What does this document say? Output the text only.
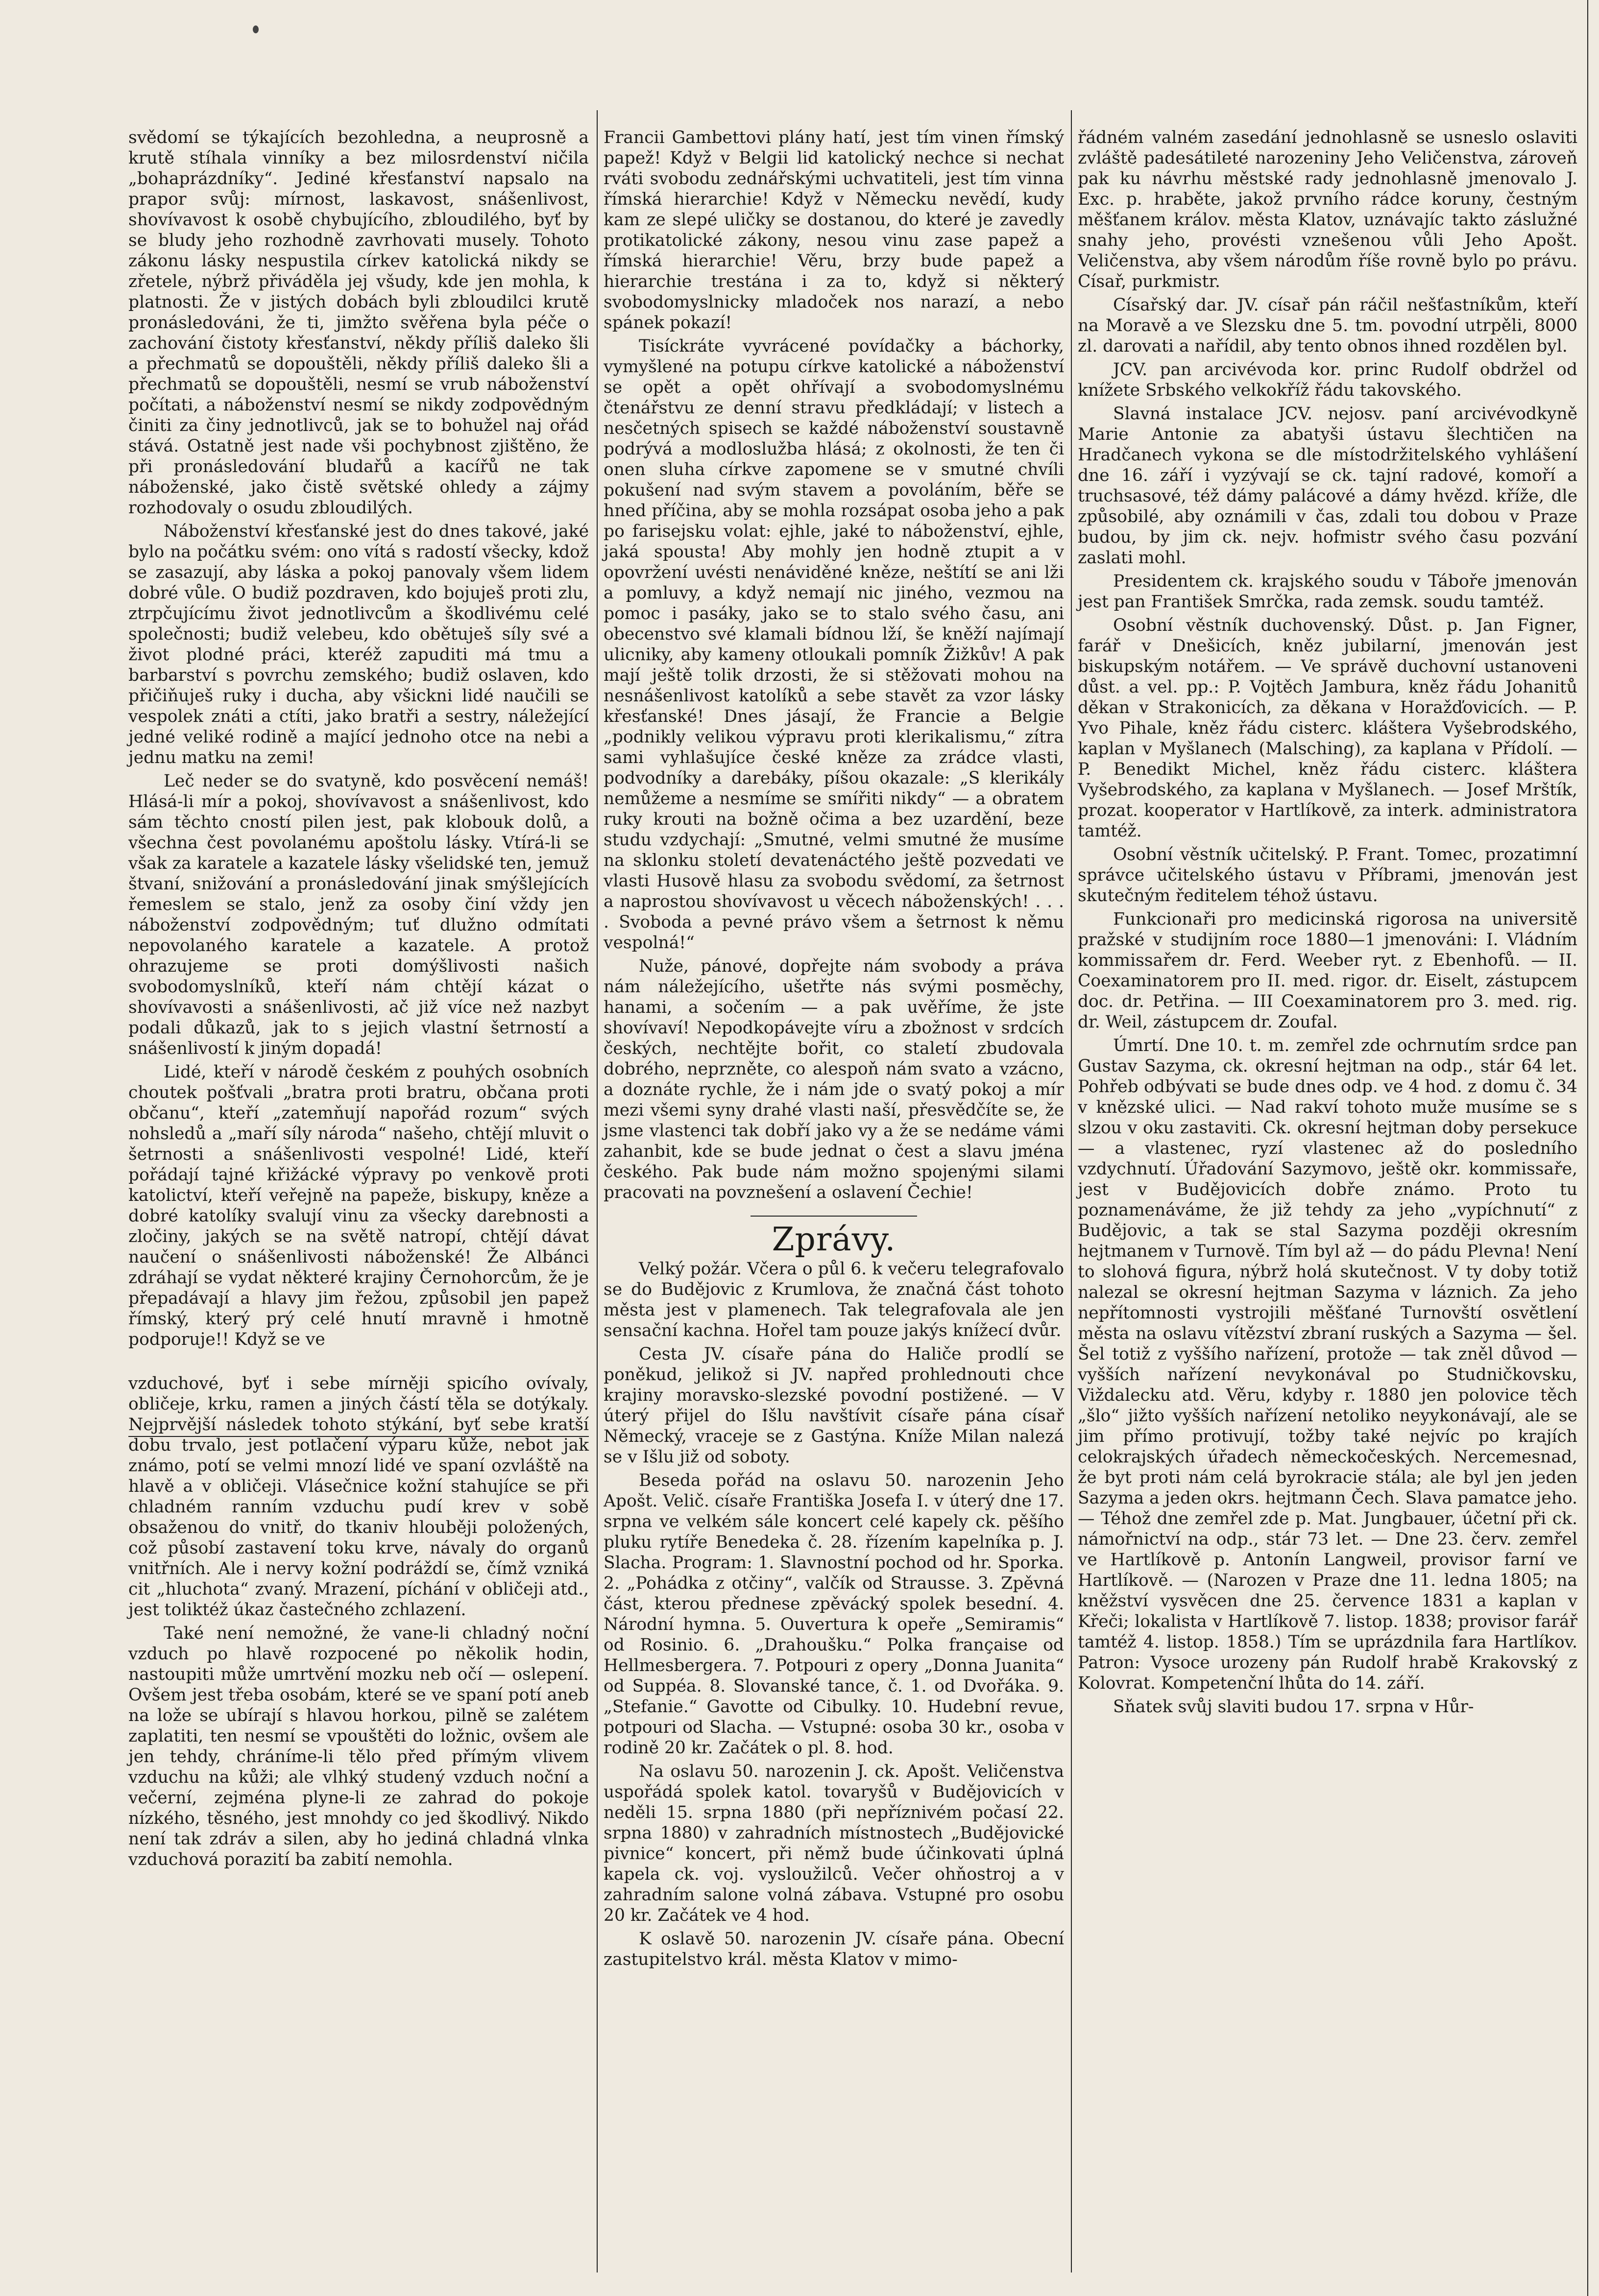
svědomí se týkajících bezohledna, a neuprosně a krutě stíhala vinníky a bez milosrdenství ničila „bohaprázdníky“. Jediné křesťanství napsalo na prapor svůj: mírnost, laskavost, snášenlivost, shovívavost k osobě chybujícího, zbloudilého, byť by se bludy jeho rozhodně zavrhovati musely. Tohoto zákonu lásky nespustila církev katolická nikdy se zřetele, nýbrž přiváděla jej všudy, kde jen mohla, k platnosti. Že v jistých dobách byli zbloudilci krutě pronásledováni, že ti, jimžto svěřena byla péče o zachování čistoty křesťanství, někdy příliš daleko šli a přechmatů se dopouštěli, někdy příliš daleko šli a přechmatů se dopouštěli, nesmí se vrub náboženství počítati, a náboženství nesmí se nikdy zodpovědným činiti za činy jednotlivců, jak se to bohužel naj ořád stává. Ostatně jest nade vši pochybnost zjištěno, že při pronásledování bludařů a kacířů ne tak náboženské, jako čistě světské ohledy a zájmy rozhodovaly o osudu zbloudilých.

Náboženství křesťanské jest do dnes takové, jaké bylo na počátku svém: ono vítá s radostí všecky, kdož se zasazují, aby láska a pokoj panovaly všem lidem dobré vůle. O budiž pozdraven, kdo bojuješ proti zlu, ztrpčujícímu život jednotlivcům a škodlivému celé společnosti; budiž velebeu, kdo obětuješ síly své a život plodné práci, kteréž zapuditi má tmu a barbarství s povrchu zemského; budiž oslaven, kdo přičiňuješ ruky i ducha, aby všickni lidé naučili se vespolek znáti a ctíti, jako bratři a sestry, náležející jedné veliké rodině a mající jednoho otce na nebi a jednu matku na zemi!

Leč neder se do svatyně, kdo posvěcení nemáš! Hlásá-li mír a pokoj, shovívavost a snášenlivost, kdo sám těchto cností pilen jest, pak klobouk dolů, a všechna čest povolanému apoštolu lásky. Vtírá-li se však za karatele a kazatele lásky všelidské ten, jemuž štvaní, snižování a pronásledování jinak smýšlejících řemeslem se stalo, jenž za osoby činí vždy jen náboženství zodpovědným; tuť dlužno odmítati nepovolaného karatele a kazatele. A protož ohrazujeme se proti domýšlivosti našich svobodomyslníků, kteří nám chtějí kázat o shovívavosti a snášenlivosti, ač již více než nazbyt podali důkazů, jak to s jejich vlastní šetrností a snášenlivostí k jiným dopadá!

Lidé, kteří v národě českém z pouhých osobních choutek pošťvali „bratra proti bratru, občana proti občanu“, kteří „zatemňují napořád rozum“ svých nohsledů a „maří síly národa“ našeho, chtějí mluvit o šetrnosti a snášenlivosti vespolné! Lidé, kteří pořádají tajné křižácké výpravy po venkově proti katolictví, kteří veřejně na papeže, biskupy, kněze a dobré katolíky svalují vinu za všecky darebnosti a zločiny, jakých se na světě natropí, chtějí dávat naučení o snášenlivosti náboženské! Že Albánci zdráhají se vydat některé krajiny Černohorcům, že je přepadávají a hlavy jim řežou, způsobil jen papež římský, který prý celé hnutí mravně i hmotně podporuje!! Když se ve

vzduchové, byť i sebe mírněji spicího ovívaly, obličeje, krku, ramen a jiných částí těla se dotýkaly. Nejprvější následek tohoto stýkání, byť sebe kratší dobu trvalo, jest potlačení výparu kůže, nebot jak známo, potí se velmi mnozí lidé ve spaní ozvláště na hlavě a v obličeji. Vlásečnice kožní stahujíce se při chladném ranním vzduchu pudí krev v sobě obsaženou do vnitř, do tkaniv hlouběji položených, což působí zastavení toku krve, návaly do organů vnitřních. Ale i nervy kožní podráždí se, čímž vzniká cit „hluchota“ zvaný. Mrazení, píchání v obličeji atd., jest toliktéž úkaz častečného zchlazení.

Také není nemožné, že vane-li chladný noční vzduch po hlavě rozpocené po několik hodin, nastoupiti může umrtvění mozku neb očí — oslepení. Ovšem jest třeba osobám, které se ve spaní potí aneb na lože se ubírají s hlavou horkou, pilně se zalétem zaplatiti, ten nesmí se vpouštěti do ložnic, ovšem ale jen tehdy, chráníme-li tělo před přímým vlivem vzduchu na kůži; ale vlhký studený vzduch noční a večerní, zejména plyne-li ze zahrad do pokoje nízkého, těsného, jest mnohdy co jed škodlivý. Nikdo není tak zdráv a silen, aby ho jediná chladná vlnka vzduchová porazití ba zabití nemohla.

Francii Gambettovi plány hatí, jest tím vinen římský papež! Když v Belgii lid katolický nechce si nechat rváti svobodu zednářskými uchvatiteli, jest tím vinna římská hierarchie! Když v Německu nevědí, kudy kam ze slepé uličky se dostanou, do které je zavedly protikatolické zákony, nesou vinu zase papež a římská hierarchie! Věru, brzy bude papež a hierarchie trestána i za to, když si některý svobodomyslnicky mladoček nos narazí, a nebo spánek pokazí!

Tisíckráte vyvrácené povídačky a báchorky, vymyšlené na potupu církve katolické a náboženství se opět a opět ohřívají a svobodomyslnému čtenářstvu ze denní stravu předkládají; v listech a nesčetných spisech se každé náboženství soustavně podrývá a modloslužba hlásá; z okolnosti, že ten či onen sluha církve zapomene se v smutné chvíli pokušení nad svým stavem a povoláním, běře se hned příčina, aby se mohla rozsápat osoba jeho a pak po farisejsku volat: ejhle, jaké to náboženství, ejhle, jaká spousta! Aby mohly jen hodně ztupit a v opovržení uvésti nenáviděné kněze, neštítí se ani lži a pomluvy, a když nemají nic jiného, vezmou na pomoc i pasáky, jako se to stalo svého času, ani obecenstvo své klamali bídnou lží, še kněží najímají ulicniky, aby kameny otloukali pomník Žižkův! A pak mají ještě tolik drzosti, že si stěžovati mohou na nesnášenlivost katolíků a sebe stavět za vzor lásky křesťanské! Dnes jásají, že Francie a Belgie „podnikly velikou výpravu proti klerikalismu,“ zítra sami vyhlašujíce české kněze za zrádce vlasti, podvodníky a darebáky, píšou okazale: „S klerikály nemůžeme a nesmíme se smířiti nikdy“ — a obratem ruky krouti na božně očima a bez uzardění, beze studu vzdychají: „Smutné, velmi smutné že musíme na sklonku století devatenáctého ještě pozvedati ve vlasti Husově hlasu za svobodu svědomí, za šetrnost a naprostou shovívavost u věcech náboženských! . . . . Svoboda a pevné právo všem a šetrnost k němu vespolná!“

Nuže, pánové, dopřejte nám svobody a práva nám náležejícího, ušetřte nás svými posměchy, hanami, a sočením — a pak uvěříme, že jste shovívaví! Nepodkopávejte víru a zbožnost v srdcích českých, nechtějte bořit, co staletí zbudovala dobrého, neprzněte, co alespoň nám svato a vzácno, a doznáte rychle, že i nám jde o svatý pokoj a mír mezi všemi syny drahé vlasti naší, přesvědčíte se, že jsme vlastenci tak dobří jako vy a že se nedáme vámi zahanbit, kde se bude jednat o čest a slavu jména českého. Pak bude nám možno spojenými silami pracovati na povznešení a oslavení Čechie!

Zprávy.

Velký požár. Včera o půl 6. k večeru telegrafovalo se do Budějovic z Krumlova, že značná část tohoto města jest v plamenech. Tak telegrafovala ale jen sensační kachna. Hořel tam pouze jakýs knížecí dvůr.

Cesta JV. císaře pána do Haliče prodlí se poněkud, jelikož si JV. napřed prohlednouti chce krajiny moravsko-slezské povodní postižené. — V úterý přijel do Išlu navštívit císaře pána císař Německý, vraceje se z Gastýna. Kníže Milan nalezá se v Išlu již od soboty.

Beseda pořád na oslavu 50. narozenin Jeho Apošt. Velič. císaře Františka Josefa I. v úterý dne 17. srpna ve velkém sále koncert celé kapely ck. pěšího pluku rytíře Benedeka č. 28. řízením kapelníka p. J. Slacha. Program: 1. Slavnostní pochod od hr. Sporka. 2. „Pohádka z otčiny“, valčík od Strausse. 3. Zpěvná část, kterou přednese zpěvácký spolek besední. 4. Národní hymna. 5. Ouvertura k opeře „Semiramis“ od Rosinio. 6. „Drahoušku.“ Polka française od Hellmesbergera. 7. Potpouri z opery „Donna Juanita“ od Suppéa. 8. Slovanské tance, č. 1. od Dvořáka. 9. „Stefanie.“ Gavotte od Cibulky. 10. Hudební revue, potpouri od Slacha. — Vstupné: osoba 30 kr., osoba v rodině 20 kr. Začátek o pl. 8. hod.

Na oslavu 50. narozenin J. ck. Apošt. Veličenstva uspořádá spolek katol. tovaryšů v Budějovicích v neděli 15. srpna 1880 (při nepříznivém počasí 22. srpna 1880) v zahradních místnostech „Budějovické pivnice“ koncert, při němž bude účinkovati úplná kapela ck. voj. vysloužilců. Večer ohňostroj a v zahradním salone volná zábava. Vstupné pro osobu 20 kr. Začátek ve 4 hod.

K oslavě 50. narozenin JV. císaře pána. Obecní zastupitelstvo král. města Klatov v mimo-

řádném valném zasedání jednohlasně se usneslo oslaviti zvláště padesátileté narozeniny Jeho Veličenstva, zároveň pak ku návrhu městské rady jednohlasně jmenovalo J. Exc. p. hraběte, jakož prvního rádce koruny, čestným měšťanem králov. města Klatov, uznávajíc takto záslužné snahy jeho, provésti vznešenou vůli Jeho Apošt. Veličenstva, aby všem národům říše rovně bylo po právu. Císař, purkmistr.

Císařský dar. JV. císař pán ráčil nešťastníkům, kteří na Moravě a ve Slezsku dne 5. tm. povodní utrpěli, 8000 zl. darovati a nařídil, aby tento obnos ihned rozdělen byl.

JCV. pan arcivévoda kor. princ Rudolf obdržel od knížete Srbského velkokříž řádu takovského.

Slavná instalace JCV. nejosv. paní arcivévodkyně Marie Antonie za abatyši ústavu šlechtičen na Hradčanech vykona se dle místodržitelského vyhlášení dne 16. září i vyzývají se ck. tajní radové, komoří a truchsasové, též dámy palácové a dámy hvězd. kříže, dle způsobilé, aby oznámili v čas, zdali tou dobou v Praze budou, by jim ck. nejv. hofmistr svého času pozvání zaslati mohl.

Presidentem ck. krajského soudu v Táboře jmenován jest pan František Smrčka, rada zemsk. soudu tamtéž.

Osobní věstník duchovenský. Důst. p. Jan Figner, farář v Dnešicích, kněz jubilarní, jmenován jest biskupským notářem. — Ve správě duchovní ustanoveni důst. a vel. pp.: P. Vojtěch Jambura, kněz řádu Johanitů děkan v Strakonicích, za děkana v Horažďovicích. — P. Yvo Pihale, kněz řádu cisterc. kláštera Vyšebrodského, kaplan v Myšlanech (Malsching), za kaplana v Přídolí. — P. Benedikt Michel, kněz řádu cisterc. kláštera Vyšebrodského, za kaplana v Myšlanech. — Josef Mrštík, prozat. kooperator v Hartlíkově, za interk. administratora tamtéž.

Osobní věstník učitelský. P. Frant. Tomec, prozatimní správce učitelského ústavu v Příbrami, jmenován jest skutečným ředitelem téhož ústavu.

Funkcionaři pro medicinská rigorosa na universitě pražské v studijním roce 1880—1 jmenováni: I. Vládním kommissařem dr. Ferd. Weeber ryt. z Ebenhofů. — II. Coexaminatorem pro II. med. rigor. dr. Eiselt, zástupcem doc. dr. Petřina. — III Coexaminatorem pro 3. med. rig. dr. Weil, zástupcem dr. Zoufal.

Úmrtí. Dne 10. t. m. zemřel zde ochrnutím srdce pan Gustav Sazyma, ck. okresní hejtman na odp., stár 64 let. Pohřeb odbývati se bude dnes odp. ve 4 hod. z domu č. 34 v knězské ulici. — Nad rakví tohoto muže musíme se s slzou v oku zastaviti. Ck. okresní hejtman doby persekuce — a vlastenec, ryzí vlastenec až do posledního vzdychnutí. Úřadování Sazymovo, ještě okr. kommissaře, jest v Budějovicích dobře známo. Proto tu poznamenáváme, že již tehdy za jeho „vypíchnutí“ z Budějovic, a tak se stal Sazyma později okresním hejtmanem v Turnově. Tím byl až — do pádu Plevna! Není to slohová figura, nýbrž holá skutečnost. V ty doby totiž nalezal se okresní hejtman Sazyma v láznich. Za jeho nepřítomnosti vystrojili měšťané Turnovští osvětlení města na oslavu vítězství zbraní ruských a Sazyma — šel. Šel totiž z vyššího nařízení, protože — tak zněl důvod — vyšších nařízení nevykonával po Studničkovsku, Viždalecku atd. Věru, kdyby r. 1880 jen polovice těch „šlo“ jižto vyšších nařízení netoliko neyykonávají, ale se jim přímo protivují, tožby také nejvíc po krajích celokrajských úřadech německočeských. Nercemesnad, že byt proti nám celá byrokracie stála; ale byl jen jeden Sazyma a jeden okrs. hejtmann Čech. Slava pamatce jeho. — Téhož dne zemřel zde p. Mat. Jungbauer, účetní při ck. námořnictví na odp., stár 73 let. — Dne 23. červ. zemřel ve Hartlíkově p. Antonín Langweil, provisor farní ve Hartlíkově. — (Narozen v Praze dne 11. ledna 1805; na kněžství vysvěcen dne 25. července 1831 a kaplan v Křeči; lokalista v Hartlíkově 7. listop. 1838; provisor farář tamtéž 4. listop. 1858.) Tím se uprázdnila fara Hartlíkov. Patron: Vysoce urozeny pán Rudolf hrabě Krakovský z Kolovrat. Kompetenční lhůta do 14. září.

Sňatek svůj slaviti budou 17. srpna v Hůr-
